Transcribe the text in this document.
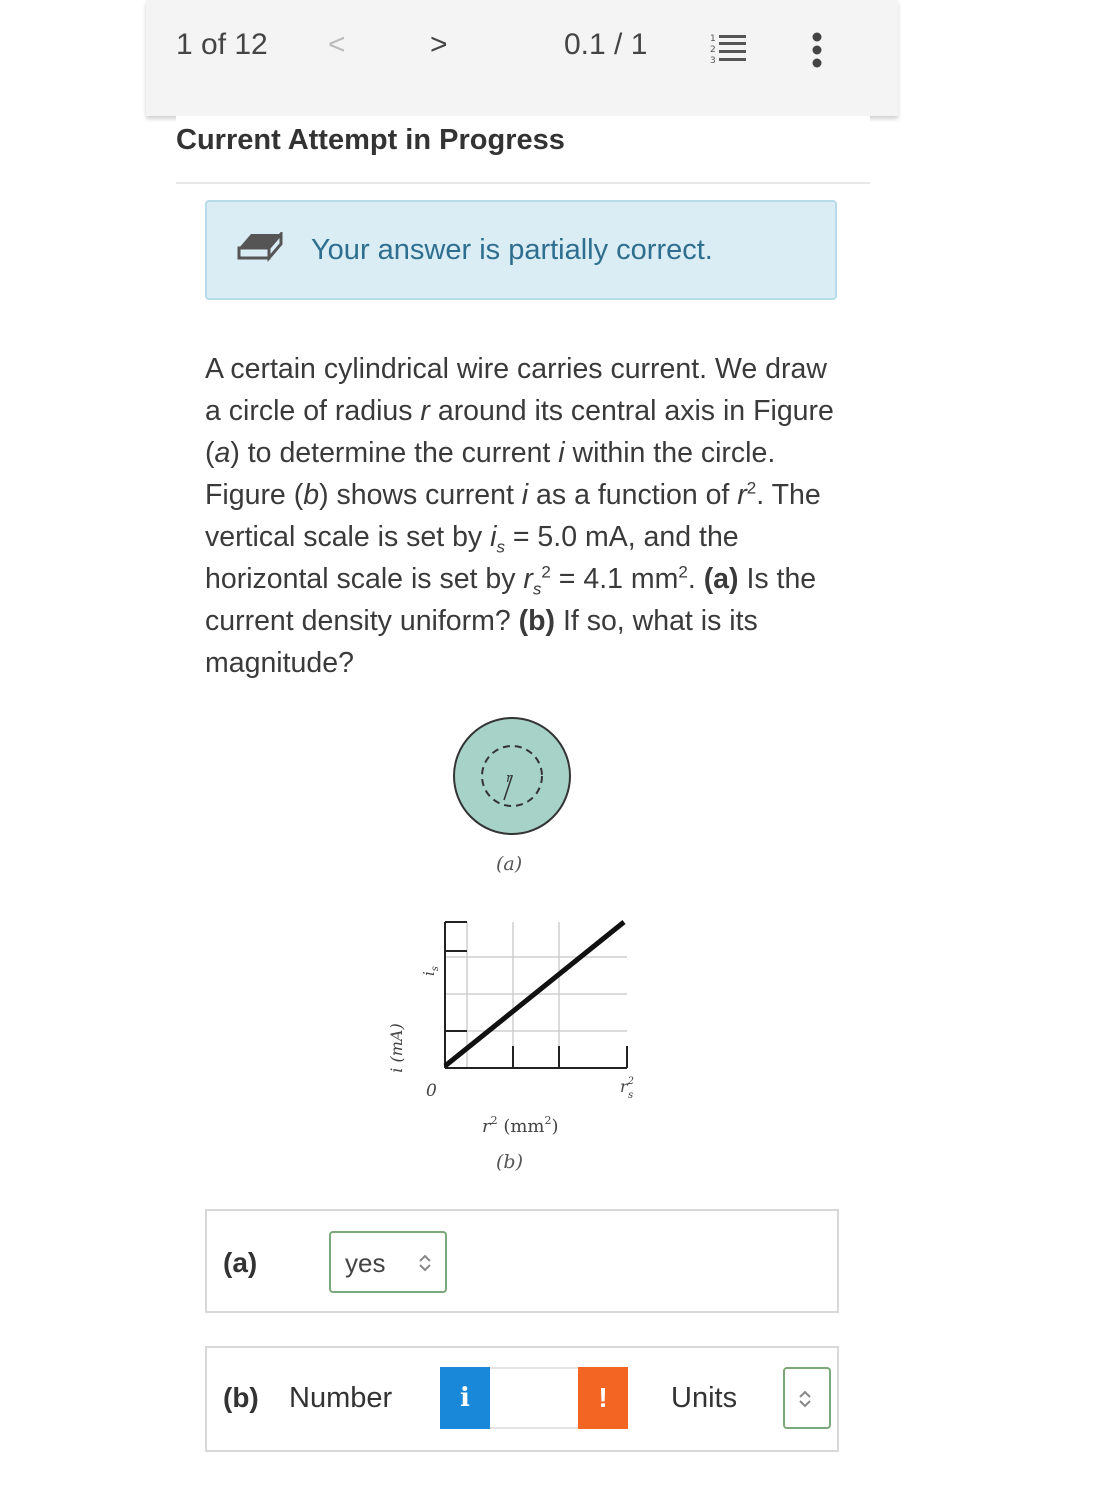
1 of 12 <	>	0.1 / 1	1
2
3
Current Attempt in Progress
Your answer is partially correct.
A certain cylindrical wire carries current. We draw a circle of radius r around its central axis in Figure (a) to determine the current i within the circle. Figure (b) shows current i as a function of $r^2$. The vertical scale is set by $i_s = 5.0$ mA, and the horizontal scale is set by $r_s^2 = 4.1$ $mm^2$. (a) Is the current density uniform? (b) If so, what is its magnitude?
r
(a)
i (mA)
$i_s$
0	$r^2$ s
$r^2$ $(mm^2)$
(b)
(a)	yes
(b) Number	i	!	Units
